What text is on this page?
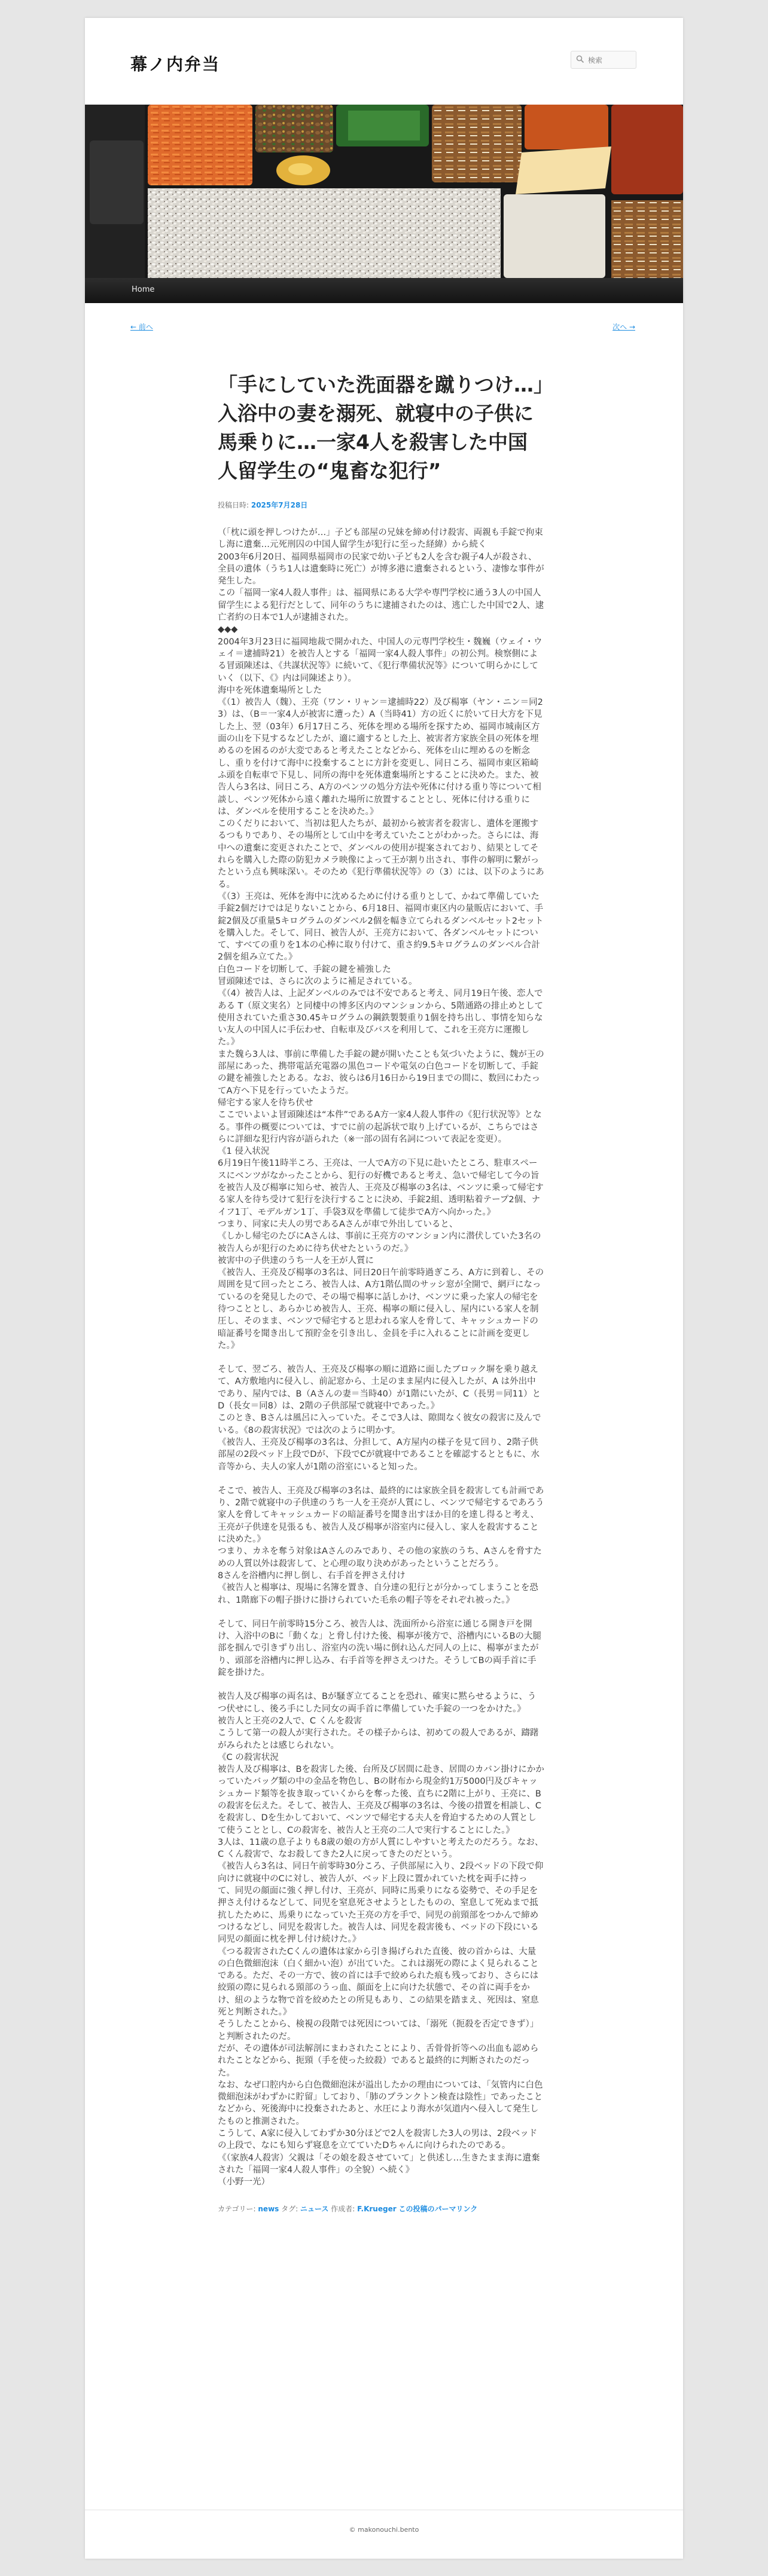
幕ノ内弁当
検索
Home
← 前へ	次へ →
「手にしていた洗面器を蹴りつけ…」入浴中の妻を溺死、就寝中の子供に馬乗りに…一家4人を殺害した中国人留学生の“鬼畜な犯行”
投稿日時: 2025年7月28日

（「枕に頭を押しつけたが…」子ども部屋の兄妹を締め付け殺害、両親も手錠で拘束し海に遺棄…元死刑囚の中国人留学生が犯行に至った経緯）から続く

2003年6月20日、福岡県福岡市の民家で幼い子ども2人を含む親子4人が殺され、全員の遺体（うち1人は遺棄時に死亡）が博多港に遺棄されるという、凄惨な事件が発生した。

この「福岡一家4人殺人事件」は、福岡県にある大学や専門学校に通う3人の中国人留学生による犯行だとして、同年のうちに逮捕されたのは、逃亡した中国で2人、逮亡者約の日本で1人が逮捕された。

◆◆◆

2004年3月23日に福岡地裁で開かれた、中国人の元専門学校生・魏巍（ウェイ・ウェイ＝逮捕時21）を被告人とする「福岡一家4人殺人事件」の初公判。検察側による冒頭陳述は、《共謀状況等》に続いて、《犯行準備状況等》について明らかにしていく（以下、《》内は同陳述より）。

海中を死体遺棄場所とした

《（1）被告人（魏）、王亮（ワン・リャン＝逮捕時22）及び楊寧（ヤン・ニン＝同23）は、（B＝一家4人が被害に遭った）A（当時41）方の近くに於いて日大方を下見した上、翌（03年）6月17日ころ、死体を埋める場所を探すため、福岡市城南区方面の山を下見するなどしたが、適に適するとした上、被害者方家族全員の死体を埋めるのを困るのが大変であると考えたことなどから、死体を山に埋めるのを断念し、重りを付けて海中に投棄することに方針を変更し、同日ころ、福岡市東区箱崎ふ頭を自転車で下見し、同所の海中を死体遺棄場所とすることに決めた。また、被告人ら3名は、同日ころ、A方のペンツの処分方法や死体に付ける重り等について相談し、ペンツ死体から遠く離れた場所に放置することとし、死体に付ける重りには、ダンベルを使用することを決めた。》

このくだりにおいて、当初は犯人たちが、最初から被害者を殺害し、遺体を運搬するつもりであり、その場所として山中を考えていたことがわかった。さらには、海中への遺棄に変更されたことで、ダンベルの使用が提案されており、結果としてそれらを購入した際の防犯カメラ映像によって王が割り出され、事件の解明に繋がったという点も興味深い。そのため《犯行準備状況等》の（3）には、以下のようにある。

《（3）王亮は、死体を海中に沈めるために付ける重りとして、かねて準備していた手錠2個だけでは足りないことから、6月18日、福岡市東区内の量販店において、手錠2個及び重量5キログラムのダンベル2個を幅き立てられるダンベルセット2セットを購入した。そして、同日、被告人が、王亮方において、各ダンベルセットについて、すべての重りを1本の心棒に取り付けて、重さ約9.5キログラムのダンベル合計2個を組み立てた。》

白色コードを切断して、手錠の鍵を補強した

冒頭陳述では、さらに次のように補足されている。

《（4）被告人は、上記ダンベルのみでは不安であると考え、同月19日午後、恋人である T（原文実名）と同棲中の博多区内のマンションから、5階通路の排止めとして使用されていた重さ30.45キログラムの鋼鉄製製重り1個を持ち出し、事情を知らない友人の中国人に手伝わせ、自転車及びバスを利用して、これを王亮方に運搬した。》

また魏ら3人は、事前に準備した手錠の鍵が開いたことも気づいたように、魏が王の部屋にあった、携帯電話充電器の黒色コードや電気の白色コードを切断して、手錠の鍵を補強したとある。なお、彼らは6月16日から19日までの間に、数回にわたってA方へ下見を行っていたようだ。

帰宅する家人を待ち伏せ

ここでいよいよ冒頭陳述は“本件”であるA方一家4人殺人事件の《犯行状況等》となる。事件の概要については、すでに前の起訴状で取り上げているが、こちらではさらに詳細な犯行内容が語られた（※一部の固有名詞について表記を変更）。

《1 侵入状況

6月19日午後11時半ころ、王亮は、一人でA方の下見に赴いたところ、駐車スペースにベンツがなかったことから、犯行の好機であると考え、急いで帰宅して今の旨を被告人及び楊寧に知らせ、被告人、王亮及び楊寧の3名は、ベンツに乗って帰宅する家人を待ち受けて犯行を決行することに決め、手錠2組、透明粘着テープ2個、ナイフ1丁、モデルガン1丁、手袋3双を準備して徒歩でA方へ向かった。》

つまり、同家に夫人の男であるAさんが車で外出していると、

《しかし帰宅のたびにAさんは、事前に王亮方のマンション内に潜伏していた3名の被告人らが犯行のために待ち伏せたというのだ。》

被害中の子供達のうち一人を王が人質に

《被告人、王亮及び楊寧の3名は、同日20日午前零時過ぎころ、A方に到着し、その周囲を見て回ったところ、被告人は、A方1階仏間のサッシ窓が全開で、網戸になっているのを発見したので、その場で楊寧に話しかけ、ベンツに乗った家人の帰宅を待つこととし、あらかじめ被告人、王亮、楊寧の順に侵入し、屋内にいる家人を制圧し、そのまま、ベンツで帰宅すると思われる家人を脅して、キャッシュカードの暗証番号を聞き出して預貯金を引き出し、金員を手に入れることに計画を変更した。》

そして、翌ごろ、被告人、王亮及び楊寧の順に道路に面したブロック塀を乗り越えて、A方敷地内に侵入し、前記窓から、土足のまま屋内に侵入したが、A は外出中であり、屋内では、B（Aさんの妻＝当時40）が1階にいたが、C（長男＝同11）とD（長女＝同8）は、2階の子供部屋で就寝中であった。》

このとき、Bさんは風呂に入っていた。そこで3人は、隙間なく彼女の殺害に及んでいる。《8の殺害状況》では次のように明かす。

《被告人、王亮及び楊寧の3名は、分担して、A方屋内の様子を見て回り、2階子供部屋の2段ベッド上段でDが、下段でCが就寝中であることを確認するとともに、水音等から、夫人の家人が1階の浴室にいると知った。

そこで、被告人、王亮及び楊寧の3名は、最終的には家族全員を殺害しても計画であり、2階で就寝中の子供達のうち一人を王亮が人質にし、ベンツで帰宅するであろう家人を脅してキャッシュカードの暗証番号を聞き出すほか目的を達し得ると考え、王亮が子供達を見張るも、被告人及び楊寧が浴室内に侵入し、家人を殺害することに決めた。》

つまり、カネを奪う対象はAさんのみであり、その他の家族のうち、Aさんを脅すための人質以外は殺害して、と心理の取り決めがあったということだろう。

8さんを浴槽内に押し倒し、右手首を押さえ付け

《被告人と楊寧は、現場に名簿を置き、自分達の犯行とが分かってしまうことを恐れ、1階廊下の帽子掛けに掛けられていた毛糸の帽子等をそれぞれ被った。》

そして、同日午前零時15分ころ、被告人は、洗面所から浴室に通じる開き戸を開け、入浴中のBに「動くな」と脅し付けた後、楊寧が後方で、浴槽内にいるBの大腿部を掴んで引きずり出し、浴室内の洗い場に倒れ込んだ同人の上に、楊寧がまたがり、頭部を浴槽内に押し込み、右手首等を押さえつけた。そうしてBの両手首に手錠を掛けた。

被告人及び楊寧の両名は、Bが騒ぎ立てることを恐れ、確実に黙らせるように、うつ伏せにし、後ろ手にした同女の両手首に準備していた手錠の一つをかけた。》

被告人と王亮の2人で、C くんを殺害

こうして第一の殺人が実行された。その様子からは、初めての殺人であるが、躊躇がみられたとは感じられない。

《C の殺害状況

被告人及び楊寧は、Bを殺害した後、台所及び居間に赴き、居間のカバン掛けにかかっていたバッグ類の中の金品を物色し、Bの財布から現金約1万5000円及びキャッシュカード類等を抜き取っていくからを奪った後、直ちに2階に上がり、王亮に、Bの殺害を伝えた。そして、被告人、王亮及び楊寧の3名は、今後の措置を相談し、Cを殺害し、Dを生かしておいて、ベンツで帰宅する夫人を脅迫するための人質として使うこととし、Cの殺害を、被告人と王亮の二人で実行することにした。》

3人は、11歳の息子よりも8歳の娘の方が人質にしやすいと考えたのだろう。なお、C くん殺害で、なお殺してきた2人に戻ってきたのだという。

《被告人ら3名は、同日午前零時30分ころ、子供部屋に入り、2段ベッドの下段で仰向けに就寝中のCに対し、被告人が、ベッド上段に置かれていた枕を両手に持って、同児の顔面に強く押し付け、王亮が、同時に馬乗りになる姿勢で、その手足を押さえ付けるなどして、同児を窒息死させようとしたものの、窒息して死ぬまで抵抗したために、馬乗りになっていた王亮の方を手で、同児の前頸部をつかんで締めつけるなどし、同児を殺害した。被告人は、同児を殺害後も、ベッドの下段にいる同児の顔面に枕を押し付け続けた。》

《つる殺害されたCくんの遺体は家から引き揚げられた直後、彼の首からは、大量の白色微細泡沫（白く細かい泡）が出ていた。これは溺死の際によく見られることである。ただ、その一方で、彼の首には手で絞められた痕も残っており、さらには絞頸の際に見られる頸部のうっ血、顔面を上に向けた状態で、その首に両手をかけ、紐のような物で首を絞めたとの所見もあり、この結果を踏まえ、死因は、窒息死と判断された。》

そうしたことから、検視の段階では死因については、「溺死（扼殺を否定できず）」と判断されたのだ。

だが、その遺体が司法解剖にまわされたことにより、舌骨骨折等への出血も認められたことなどから、扼頸（手を使った絞殺）であると最終的に判断されたのだった。

なお、なぜ口腔内から白色微細泡沫が溢出したかの理由については、「気管内に白色微細泡沫がわずかに貯留」しており、「肺のプランクトン検査は陰性」であったことなどから、死後海中に投棄されたあと、水圧により海水が気道内へ侵入して発生したものと推測された。

こうして、A家に侵入してわずか30分ほどで2人を殺害した3人の男は、2段ベッドの上段で、なにも知らず寝息を立てていたDちゃんに向けられたのである。

《（家族4人殺害）父親は「その娘を殺させていて」と供述し…生きたまま海に遺棄された「福岡一家4人殺人事件」の全貌）へ続く》

（小野一光）

カテゴリー: news タグ: ニュース 作成者: F.Krueger この投稿のパーマリンク
© makonouchi.bento
